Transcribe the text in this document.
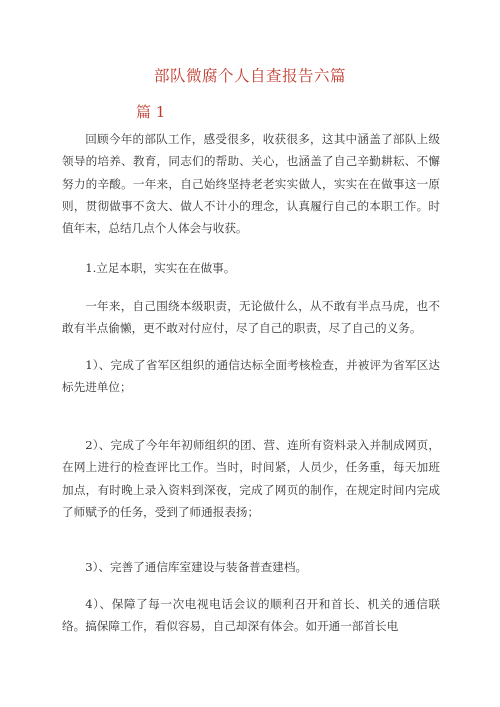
部队微腐个人自查报告六篇
篇 1

回顾今年的部队工作，感受很多，收获很多，这其中涵盖了部队上级领导的培养、教育，同志们的帮助、关心，也涵盖了自己辛勤耕耘、不懈努力的辛酸。一年来，自己始终坚持老老实实做人，实实在在做事这一原则，贯彻做事不贪大、做人不计小的理念，认真履行自己的本职工作。时值年末，总结几点个人体会与收获。

1.立足本职，实实在在做事。

一年来，自己围绕本级职责，无论做什么，从不敢有半点马虎，也不敢有半点偷懒，更不敢对付应付，尽了自己的职责，尽了自己的义务。

1）、完成了省军区组织的通信达标全面考核检查，并被评为省军区达标先进单位；

2）、完成了今年年初师组织的团、营、连所有资料录入并制成网页，在网上进行的检查评比工作。当时，时间紧，人员少，任务重，每天加班加点，有时晚上录入资料到深夜，完成了网页的制作，在规定时间内完成了师赋予的任务，受到了师通报表扬；

3）、完善了通信库室建设与装备普查建档。

4）、保障了每一次电视电话会议的顺利召开和首长、机关的通信联络。搞保障工作，看似容易，自己却深有体会。如开通一部首长电
